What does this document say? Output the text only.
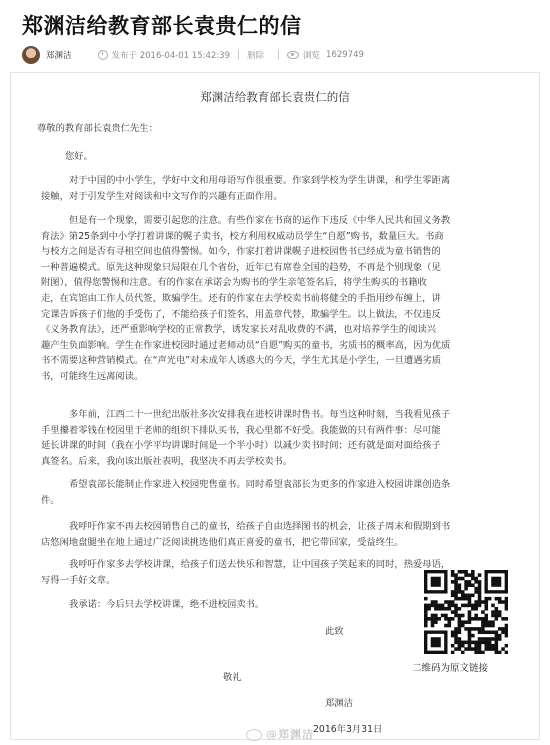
郑渊洁给教育部长袁贵仁的信
郑渊洁	发布于 2016-04-01 15:42:39 删除	浏览 1629749
郑渊洁给教育部长袁贵仁的信
尊敬的教育部长袁贵仁先生：
您好。
对于中国的中小学生，学好中文和用母语写作很重要。作家到学校为学生讲课，和学生零距离
接触，对于引发学生对阅读和中文写作的兴趣有正面作用。
但是有一个现象，需要引起您的注意。有些作家在书商的运作下违反《中华人民共和国义务教
育法》第25条到中小学打着讲课的幌子卖书，校方利用权威动员学生“自愿”购书，数量巨大。书商
与校方之间是否有寻租空间也值得警惕。如今，作家打着讲课幌子进校园售书已经成为童书销售的
一种普遍模式。原先这种现象只局限在几个省份，近年已有席卷全国的趋势，不再是个别现象（见
附图），值得您警惕和注意。有的作家在承诺会为购书的学生亲笔签名后，将学生购买的书籍收
走，在宾馆由工作人员代签，欺骗学生。还有的作家在去学校卖书前将健全的手指用纱布缠上，讲
完课告诉孩子们他的手受伤了，不能给孩子们签名，用盖章代替，欺骗学生。以上做法，不仅违反
《义务教育法》，还严重影响学校的正常教学，诱发家长对乱收费的不满，也对培养学生的阅读兴
趣产生负面影响。学生在作家进校园时通过老师动员“自愿”购买的童书，劣质书的概率高，因为优质
书不需要这种营销模式。在“声光电”对未成年人诱惑大的今天，学生尤其是小学生，一旦遭遇劣质
书，可能终生远离阅读。
多年前，江西二十一世纪出版社多次安排我在进校讲课时售书。每当这种时刻，当我看见孩子
手里攥着零钱在校园里于老师的组织下排队买书，我心里都不好受。我能做的只有两件事：尽可能
延长讲课的时间（我在小学平均讲课时间是一个半小时）以减少卖书时间；还有就是面对面给孩子
真签名。后来，我向该出版社表明，我坚决不再去学校卖书。
希望袁部长能制止作家进入校园兜售童书。同时希望袁部长为更多的作家进入校园讲课创造条
件。
我呼吁作家不再去校园销售自己的童书，给孩子自由选择图书的机会，让孩子周末和假期到书
店悠闲地盘腿坐在地上通过广泛阅读挑选他们真正喜爱的童书，把它带回家，受益终生。
我呼吁作家多去学校讲课，给孩子们送去快乐和智慧，让中国孩子笑起来的同时，热爱母语，
写得一手好文章。
我承诺：今后只去学校讲课，绝不进校园卖书。
此致
敬礼
郑渊洁
2016年3月31日
二维码为原文链接
@郑渊洁
